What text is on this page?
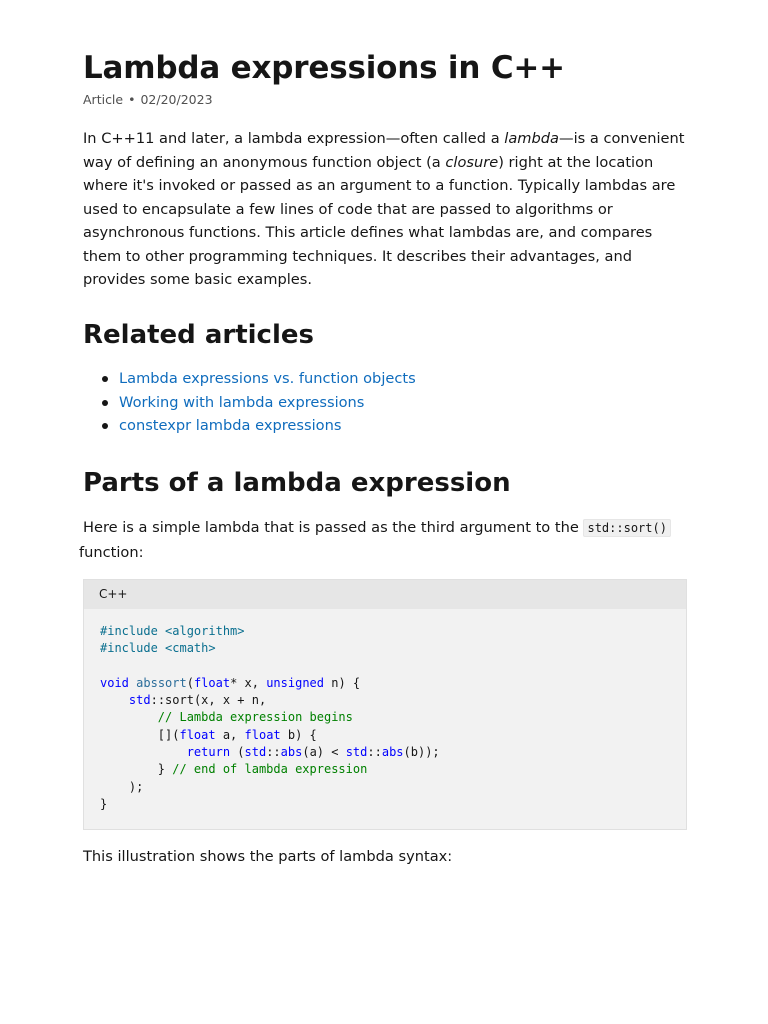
Lambda expressions in C++
Article • 02/20/2023

In C++11 and later, a lambda expression—often called a lambda—is a convenient way of defining an anonymous function object (a closure) right at the location where it's invoked or passed as an argument to a function. Typically lambdas are used to encapsulate a few lines of code that are passed to algorithms or asynchronous functions. This article defines what lambdas are, and compares them to other programming techniques. It describes their advantages, and provides some basic examples.

Related articles
Lambda expressions vs. function objects
Working with lambda expressions
constexpr lambda expressions
Parts of a lambda expression

Here is a simple lambda that is passed as the third argument to the std::sort()
function:

C++
#include <algorithm>
#include <cmath>

void abssort(float* x, unsigned n) {
std::sort(x, x + n,
// Lambda expression begins
[](float a, float b) {
return (std::abs(a) < std::abs(b));
} // end of lambda expression
);
}

This illustration shows the parts of lambda syntax:
